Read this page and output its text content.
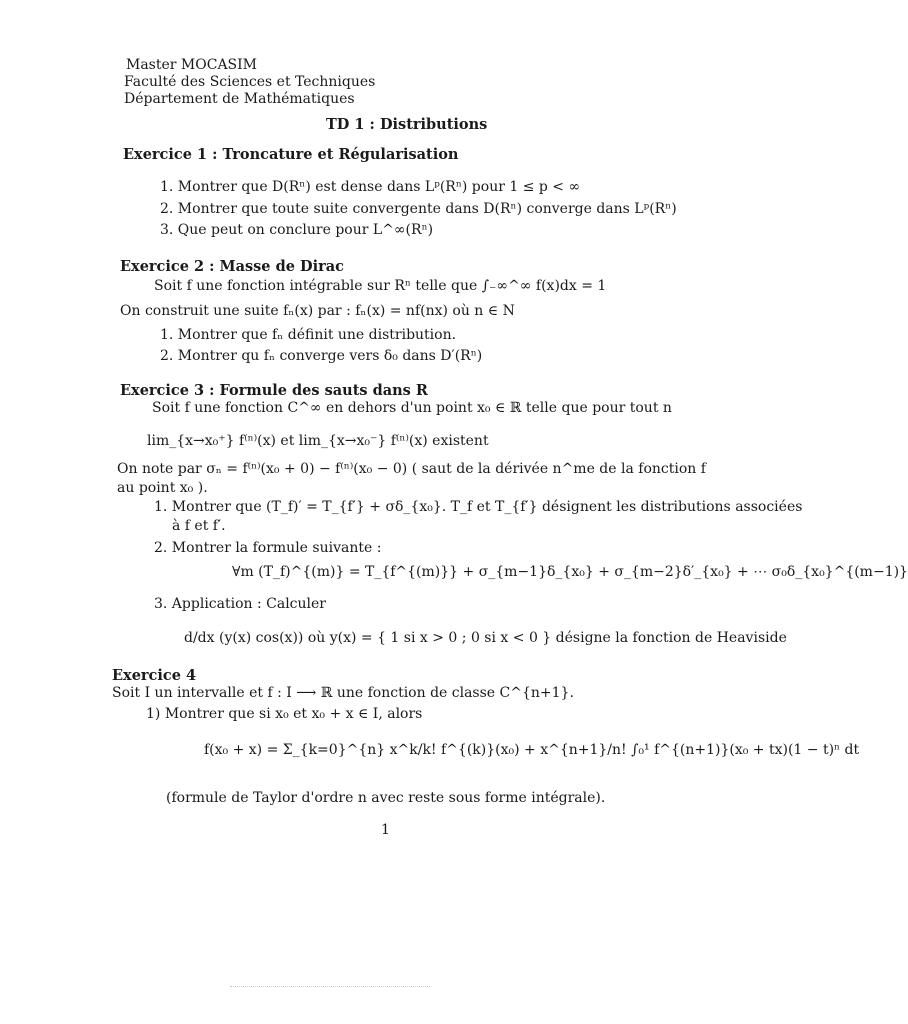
Master MOCASIM
Faculté des Sciences et Techniques
Département de Mathématiques
TD 1 : Distributions
Exercice 1 : Troncature et Régularisation
1. Montrer que D(Rⁿ) est dense dans Lᵖ(Rⁿ) pour 1 ≤ p < ∞
2. Montrer que toute suite convergente dans D(Rⁿ) converge dans Lᵖ(Rⁿ)
3. Que peut on conclure pour L^∞(Rⁿ)
Exercice 2 : Masse de Dirac
Soit f une fonction intégrable sur Rⁿ telle que ∫₋∞^∞ f(x)dx = 1
On construit une suite fₙ(x) par : fₙ(x) = nf(nx) où n ∈ N
1. Montrer que fₙ définit une distribution.
2. Montrer qu fₙ converge vers δ₀ dans D′(Rⁿ)
Exercice 3 : Formule des sauts dans R
Soit f une fonction C^∞ en dehors d'un point x₀ ∈ ℝ telle que pour tout n
lim_{x→x₀⁺} f⁽ⁿ⁾(x) et lim_{x→x₀⁻} f⁽ⁿ⁾(x) existent
On note par σₙ = f⁽ⁿ⁾(x₀ + 0) − f⁽ⁿ⁾(x₀ − 0) ( saut de la dérivée n^me de la fonction f
au point x₀ ).
1. Montrer que (T_f)′ = T_{f′} + σδ_{x₀}. T_f et T_{f′} désignent les distributions associées
à f et f′.
2. Montrer la formule suivante :
∀m (T_f)^{(m)} = T_{f^{(m)}} + σ_{m−1}δ_{x₀} + σ_{m−2}δ′_{x₀} + ⋯ σ₀δ_{x₀}^{(m−1)}
3. Application : Calculer
d/dx (y(x) cos(x)) où y(x) = { 1 si x > 0 ; 0 si x < 0 } désigne la fonction de Heaviside
Exercice 4
Soit I un intervalle et f : I ⟶ ℝ une fonction de classe C^{n+1}.
1) Montrer que si x₀ et x₀ + x ∈ I, alors
f(x₀ + x) = Σ_{k=0}^{n} x^k/k! f^{(k)}(x₀) + x^{n+1}/n! ∫₀¹ f^{(n+1)}(x₀ + tx)(1 − t)ⁿ dt
(formule de Taylor d'ordre n avec reste sous forme intégrale).
1
